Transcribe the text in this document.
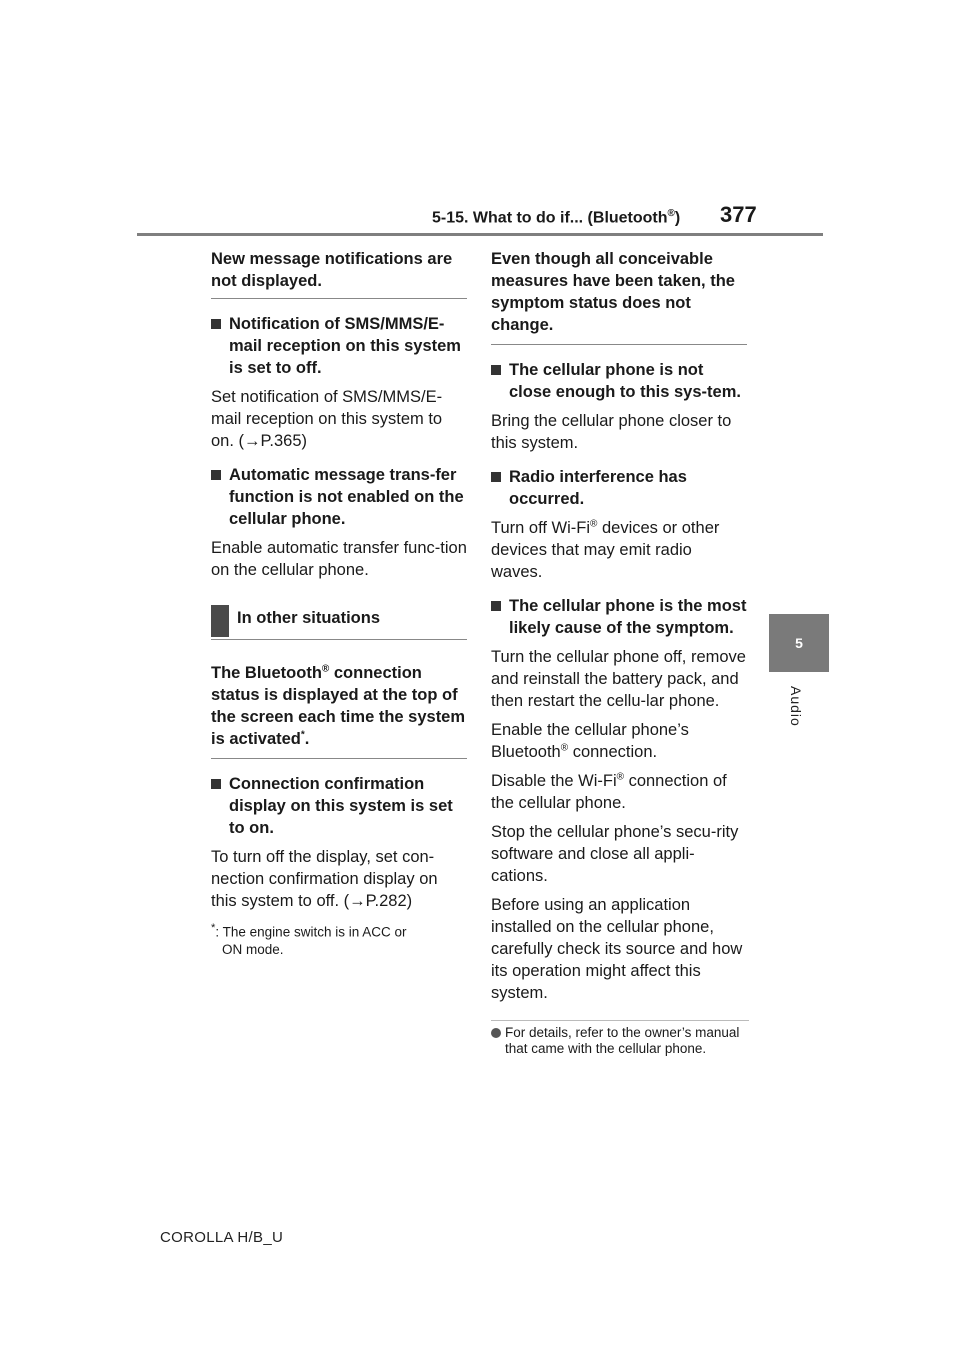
5-15. What to do if... (Bluetooth®) 377
5
Audio
New message notifications are not displayed.
Notification of SMS/MMS/E-mail reception on this system is set to off.
Set notification of SMS/MMS/E-mail reception on this system to on. (→P.365)
Automatic message trans-fer function is not enabled on the cellular phone.
Enable automatic transfer func-tion on the cellular phone.
In other situations
The Bluetooth® connection status is displayed at the top of the screen each time the system is activated*.
Connection confirmation display on this system is set to on.
To turn off the display, set con-nection confirmation display on this system to off. (→P.282)
*: The engine switch is in ACC or
ON mode.
Even though all conceivable measures have been taken, the symptom status does not change.
The cellular phone is not close enough to this sys-tem.
Bring the cellular phone closer to this system.
Radio interference has occurred.
Turn off Wi-Fi® devices or other devices that may emit radio waves.
The cellular phone is the most likely cause of the symptom.
Turn the cellular phone off, remove and reinstall the battery pack, and then restart the cellu-lar phone.
Enable the cellular phone’s Bluetooth® connection.
Disable the Wi-Fi® connection of the cellular phone.
Stop the cellular phone’s secu-rity software and close all appli-cations.
Before using an application installed on the cellular phone, carefully check its source and how its operation might affect this system.
For details, refer to the owner’s manual that came with the cellular phone.
COROLLA H/B_U
